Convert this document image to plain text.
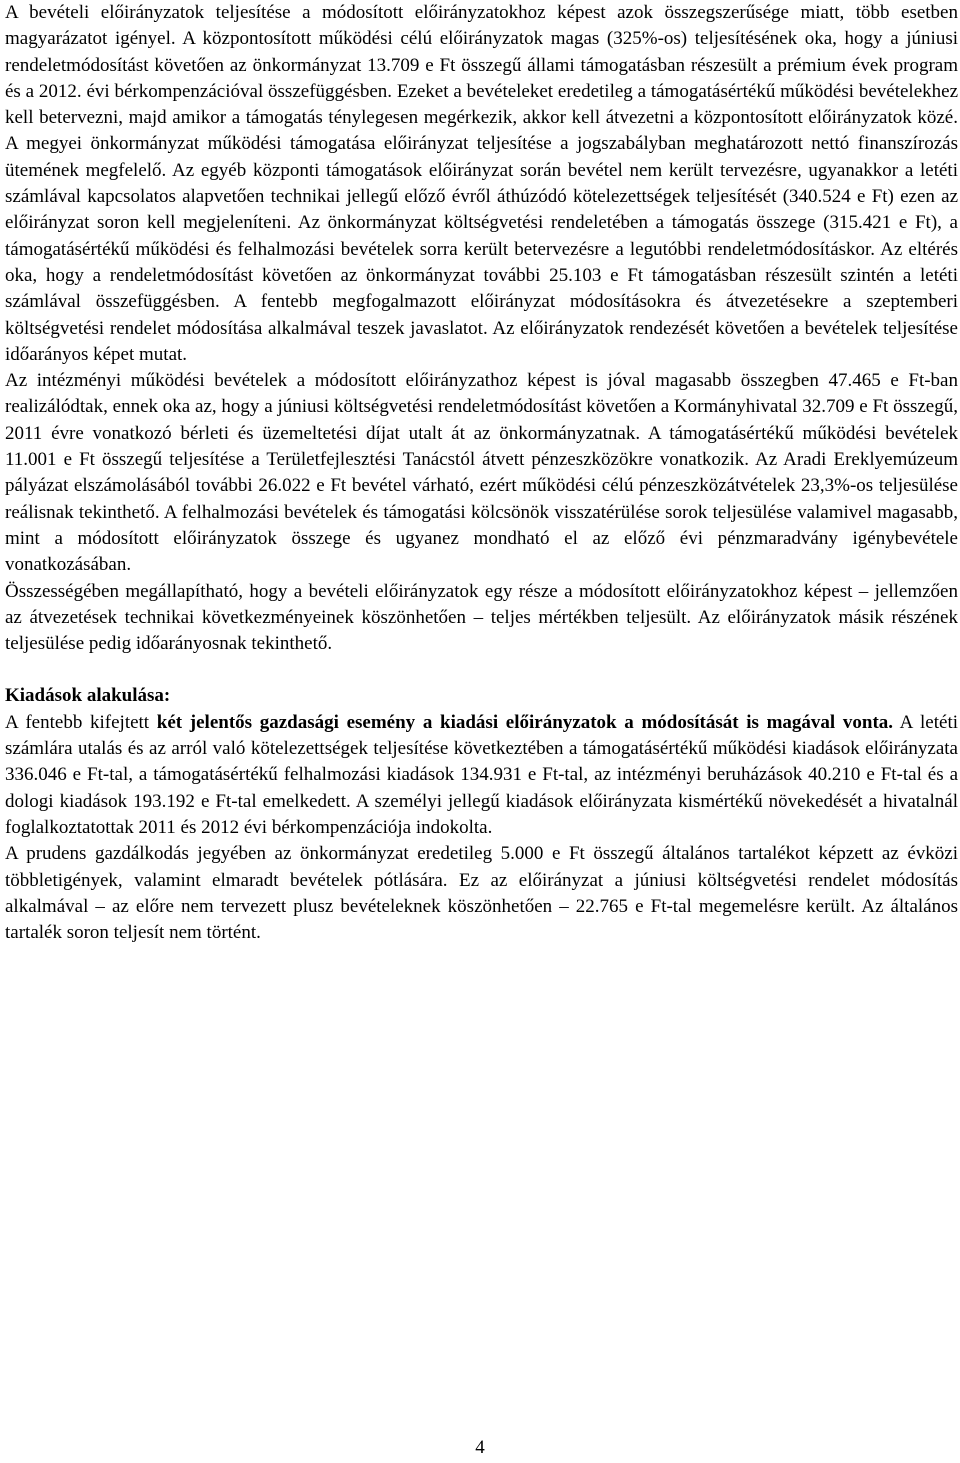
A bevételi előirányzatok teljesítése a módosított előirányzatokhoz képest azok összegszerűsége miatt, több esetben magyarázatot igényel. A központosított működési célú előirányzatok magas (325%-os) teljesítésének oka, hogy a júniusi rendeletmódosítást követően az önkormányzat 13.709 e Ft összegű állami támogatásban részesült a prémium évek program és a 2012. évi bérkompenzációval összefüggésben. Ezeket a bevételeket eredetileg a támogatásértékű működési bevételekhez kell betervezni, majd amikor a támogatás ténylegesen megérkezik, akkor kell átvezetni a központosított előirányzatok közé. A megyei önkormányzat működési támogatása előirányzat teljesítése a jogszabályban meghatározott nettó finanszírozás ütemének megfelelő. Az egyéb központi támogatások előirányzat során bevétel nem került tervezésre, ugyanakkor a letéti számlával kapcsolatos alapvetően technikai jellegű előző évről áthúzódó kötelezettségek teljesítését (340.524 e Ft) ezen az előirányzat soron kell megjeleníteni. Az önkormányzat költségvetési rendeletében a támogatás összege (315.421 e Ft), a támogatásértékű működési és felhalmozási bevételek sorra került betervezésre a legutóbbi rendeletmódosításkor. Az eltérés oka, hogy a rendeletmódosítást követően az önkormányzat további 25.103 e Ft támogatásban részesült szintén a letéti számlával összefüggésben. A fentebb megfogalmazott előirányzat módosításokra és átvezetésekre a szeptemberi költségvetési rendelet módosítása alkalmával teszek javaslatot. Az előirányzatok rendezését követően a bevételek teljesítése időarányos képet mutat.

Az intézményi működési bevételek a módosított előirányzathoz képest is jóval magasabb összegben 47.465 e Ft-ban realizálódtak, ennek oka az, hogy a júniusi költségvetési rendeletmódosítást követően a Kormányhivatal 32.709 e Ft összegű, 2011 évre vonatkozó bérleti és üzemeltetési díjat utalt át az önkormányzatnak. A támogatásértékű működési bevételek 11.001 e Ft összegű teljesítése a Területfejlesztési Tanácstól átvett pénzeszközökre vonatkozik. Az Aradi Ereklyemúzeum pályázat elszámolásából további 26.022 e Ft bevétel várható, ezért működési célú pénzeszközátvételek 23,3%-os teljesülése reálisnak tekinthető. A felhalmozási bevételek és támogatási kölcsönök visszatérülése sorok teljesülése valamivel magasabb, mint a módosított előirányzatok összege és ugyanez mondható el az előző évi pénzmaradvány igénybevétele vonatkozásában.

Összességében megállapítható, hogy a bevételi előirányzatok egy része a módosított előirányzatokhoz képest – jellemzően az átvezetések technikai következményeinek köszönhetően – teljes mértékben teljesült. Az előirányzatok másik részének teljesülése pedig időarányosnak tekinthető.

Kiadások alakulása:

A fentebb kifejtett két jelentős gazdasági esemény a kiadási előirányzatok a módosítását is magával vonta. A letéti számlára utalás és az arról való kötelezettségek teljesítése következtében a támogatásértékű működési kiadások előirányzata 336.046 e Ft-tal, a támogatásértékű felhalmozási kiadások 134.931 e Ft-tal, az intézményi beruházások 40.210 e Ft-tal és a dologi kiadások 193.192 e Ft-tal emelkedett. A személyi jellegű kiadások előirányzata kismértékű növekedését a hivatalnál foglalkoztatottak 2011 és 2012 évi bérkompenzációja indokolta.

A prudens gazdálkodás jegyében az önkormányzat eredetileg 5.000 e Ft összegű általános tartalékot képzett az évközi többletigények, valamint elmaradt bevételek pótlására. Ez az előirányzat a júniusi költségvetési rendelet módosítás alkalmával – az előre nem tervezett plusz bevételeknek köszönhetően – 22.765 e Ft-tal megemelésre került. Az általános tartalék soron teljesít nem történt.

4
